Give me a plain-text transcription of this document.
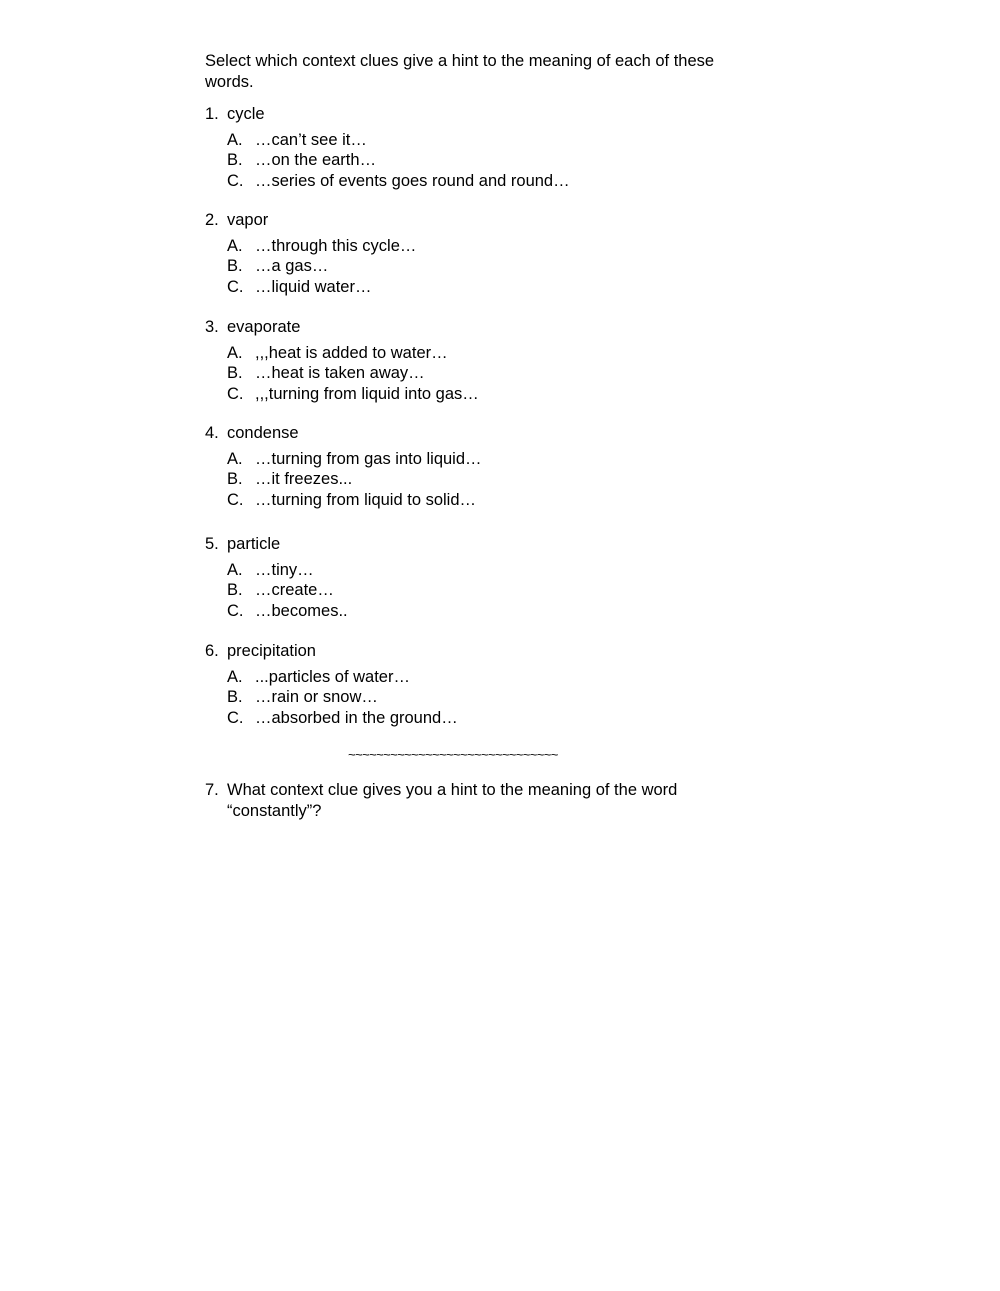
Select which context clues give a hint to the meaning of each of these words.
1. cycle
A. …can’t see it…
B. …on the earth…
C. …series of events goes round and round…
2. vapor
A. …through this cycle…
B. …a gas…
C. …liquid water…
3. evaporate
A. ,,,heat is added to water…
B. …heat is taken away…
C. ,,,turning from liquid into gas…
4. condense
A. …turning from gas into liquid…
B. …it freezes...
C. …turning from liquid to solid…
5. particle
A. …tiny…
B. …create…
C. …becomes..
6. precipitation
A. ...particles of water…
B. …rain or snow…
C. …absorbed in the ground…
~~~~~~~~~~~~~~~~~~~~~~~~~~~~~~
7. What context clue gives you a hint to the meaning of the word “constantly”?
